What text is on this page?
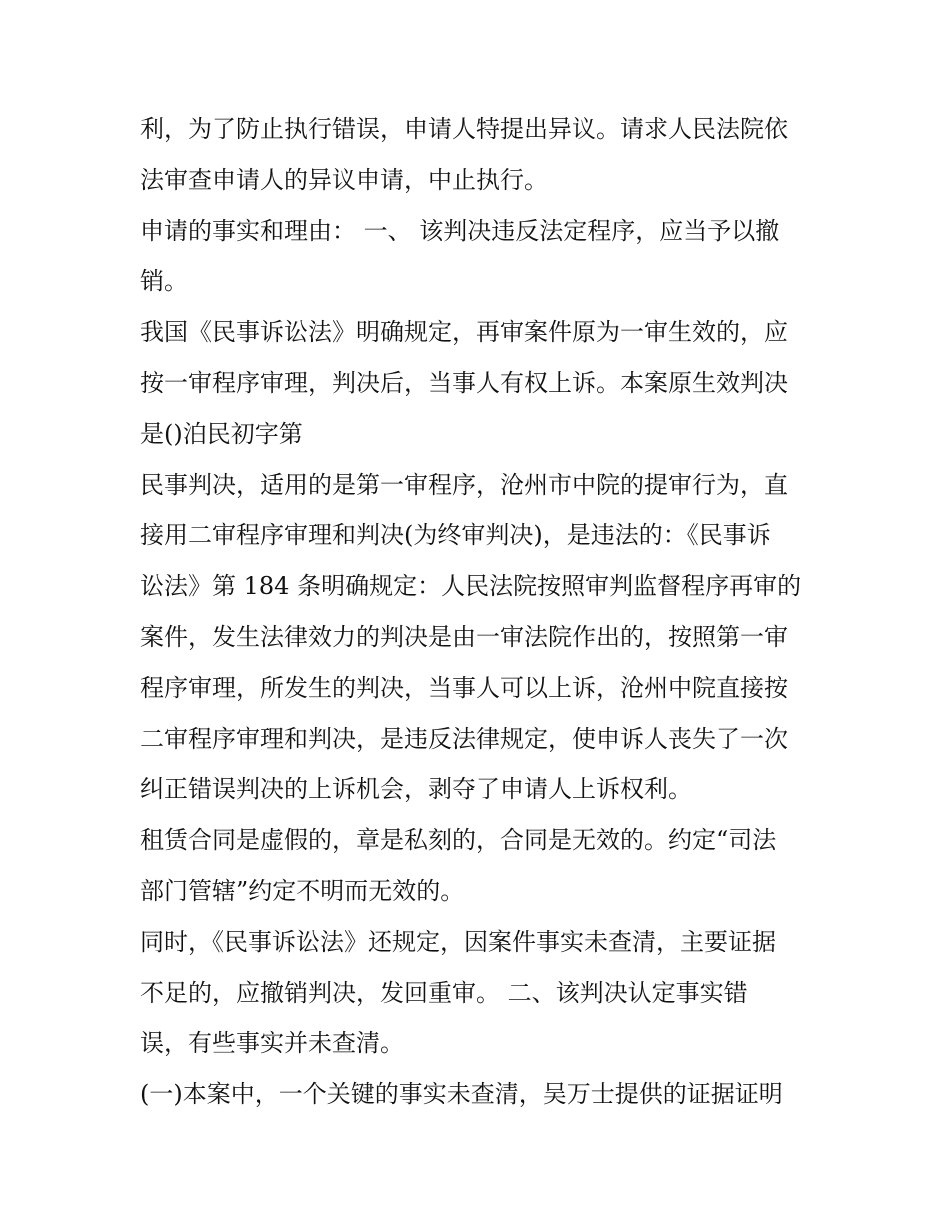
利，为了防止执行错误，申请人特提出异议。请求人民法院依
法审查申请人的异议申请，中止执行。
申请的事实和理由： 一、 该判决违反法定程序，应当予以撤
销。
我国《民事诉讼法》明确规定，再审案件原为一审生效的，应
按一审程序审理，判决后，当事人有权上诉。本案原生效判决
是()泊民初字第
民事判决，适用的是第一审程序，沧州市中院的提审行为，直
接用二审程序审理和判决(为终审判决)，是违法的：《民事诉
讼法》第 184 条明确规定：人民法院按照审判监督程序再审的
案件，发生法律效力的判决是由一审法院作出的，按照第一审
程序审理，所发生的判决，当事人可以上诉，沧州中院直接按
二审程序审理和判决，是违反法律规定，使申诉人丧失了一次
纠正错误判决的上诉机会，剥夺了申请人上诉权利。
租赁合同是虚假的，章是私刻的，合同是无效的。约定“司法
部门管辖”约定不明而无效的。
同时，《民事诉讼法》还规定，因案件事实未查清，主要证据
不足的，应撤销判决，发回重审。 二、该判决认定事实错
误，有些事实并未查清。
(一)本案中，一个关键的事实未查清，吴万士提供的证据证明
